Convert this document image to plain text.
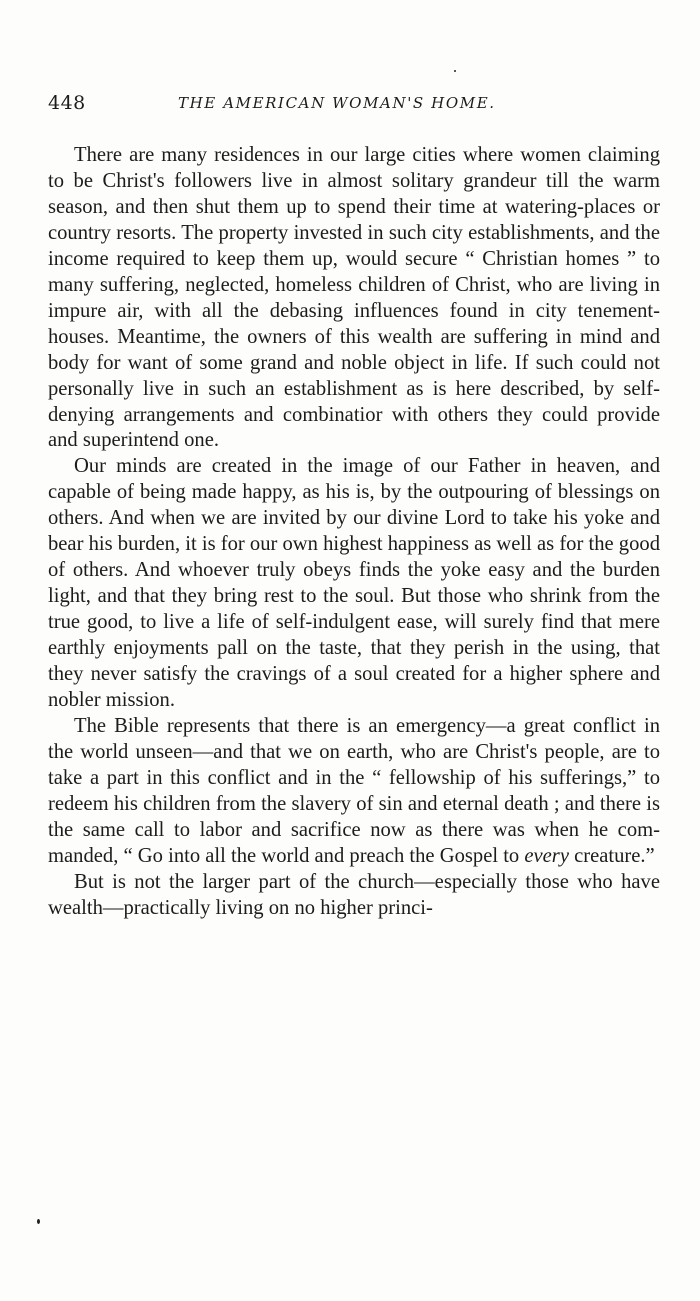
448	THE AMERICAN WOMAN'S HOME.

There are many residences in our large cities where women claiming to be Christ's followers live in almost solitary grandeur till the warm season, and then shut them up to spend their time at watering-places or country resorts. The property invested in such city establishments, and the income required to keep them up, would secure “ Christian homes ” to many suffering, neglected, homeless children of Christ, who are living in impure air, with all the debasing influences found in city tenement-houses. Meantime, the owners of this wealth are suffering in mind and body for want of some grand and noble object in life. If such could not personally live in such an establishment as is here described, by self-denying arrangements and combinatior with others they could provide and superintend one.

Our minds are created in the image of our Father in heaven, and capable of being made happy, as his is, by the outpouring of blessings on others. And when we are invited by our divine Lord to take his yoke and bear his burden, it is for our own highest happiness as well as for the good of others. And whoever truly obeys finds the yoke easy and the burden light, and that they bring rest to the soul. But those who shrink from the true good, to live a life of self-indulgent ease, will surely find that mere earthly enjoyments pall on the taste, that they perish in the using, that they never satisfy the cravings of a soul created for a higher sphere and nobler mission.

The Bible represents that there is an emergency—a great conflict in the world unseen—and that we on earth, who are Christ's people, are to take a part in this conflict and in the “ fellowship of his sufferings,” to redeem his children from the slavery of sin and eternal death ; and there is the same call to labor and sacrifice now as there was when he commanded, “ Go into all the world and preach the Gospel to every creature.”

But is not the larger part of the church—especially those who have wealth—practically living on no higher princi-
